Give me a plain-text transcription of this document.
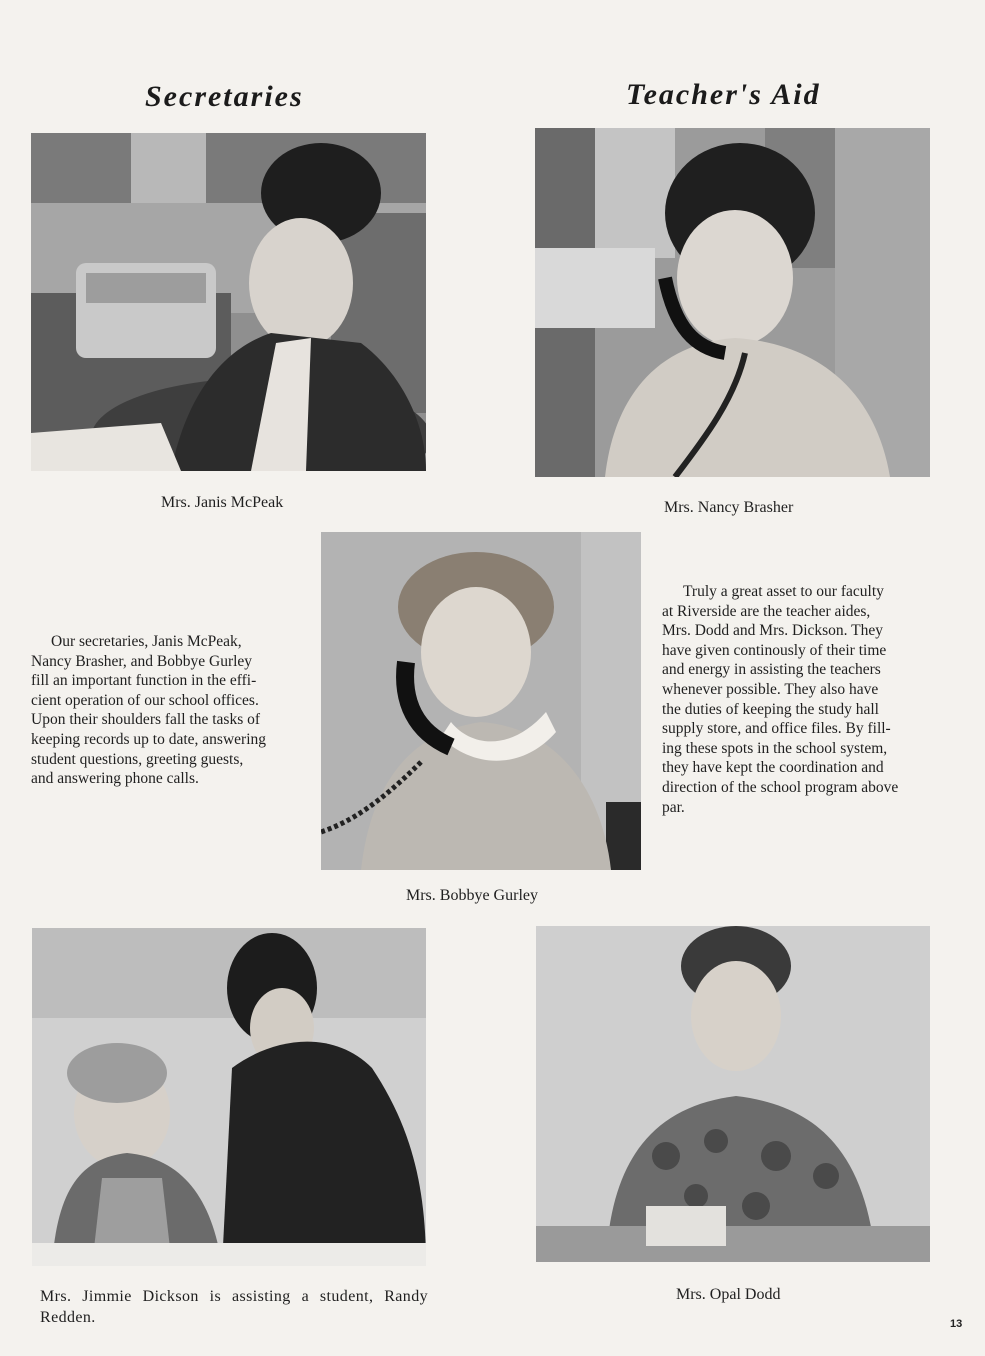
Secretaries	Teacher's Aid
Mrs. Janis McPeak	Mrs. Nancy Brasher
Our secretaries, Janis McPeak,
Nancy Brasher, and Bobbye Gurley
fill an important function in the effi-
cient operation of our school offices.
Upon their shoulders fall the tasks of
keeping records up to date, answering
student questions, greeting guests,
and answering phone calls.
Mrs. Bobbye Gurley
Truly a great asset to our faculty
at Riverside are the teacher aides,
Mrs. Dodd and Mrs. Dickson. They
have given continously of their time
and energy in assisting the teachers
whenever possible. They also have
the duties of keeping the study hall
supply store, and office files. By fill-
ing these spots in the school system,
they have kept the coordination and
direction of the school program above
par.
Mrs. Jimmie Dickson is assisting a student, Randy Redden.
Mrs. Opal Dodd
13
